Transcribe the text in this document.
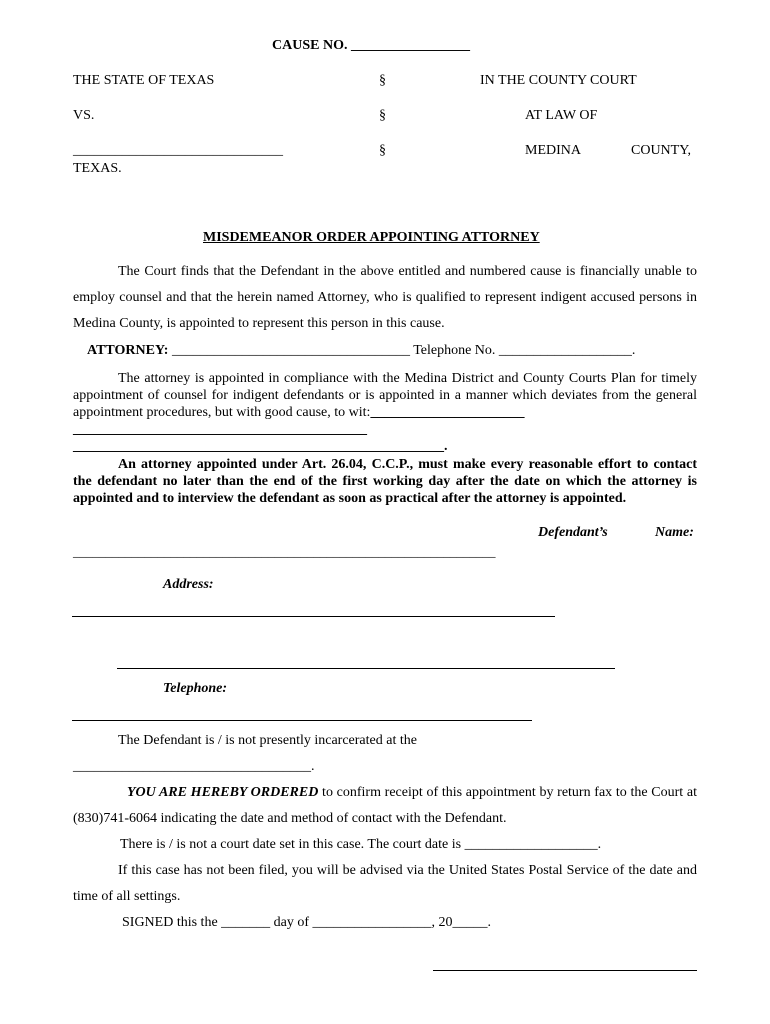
CAUSE NO. _________________
THE STATE OF TEXAS	§	IN THE COUNTY COURT
VS.	§	AT LAW OF
______________________________	§	MEDINA	COUNTY,
TEXAS.
MISDEMEANOR ORDER APPOINTING ATTORNEY
The Court finds that the Defendant in the above entitled and numbered cause is financially unable to employ counsel and that the herein named Attorney, who is qualified to represent indigent accused persons in Medina County, is appointed to represent this person in this cause.
ATTORNEY: __________________________________ Telephone No. ___________________.
The attorney is appointed in compliance with the Medina District and County Courts Plan for timely appointment of counsel for indigent defendants or is appointed in a manner which deviates from the general appointment procedures, but with good cause, to wit:______________________
__________________________________________
_____________________________________________________.
An attorney appointed under Art. 26.04, C.C.P., must make every reasonable effort to contact the defendant no later than the end of the first working day after the date on which the attorney is appointed and to interview the defendant as soon as practical after the attorney is appointed.
Defendant’s	Name:
_________________________________________________________________
Address:
Telephone:
The Defendant is / is not presently incarcerated at the
__________________________________.
YOU ARE HEREBY ORDERED to confirm receipt of this appointment by return fax to the Court at (830)741-6064 indicating the date and method of contact with the Defendant.
There is / is not a court date set in this case. The court date is ___________________.
If this case has not been filed, you will be advised via the United States Postal Service of the date and time of all settings.
SIGNED this the _______ day of _________________, 20_____.
